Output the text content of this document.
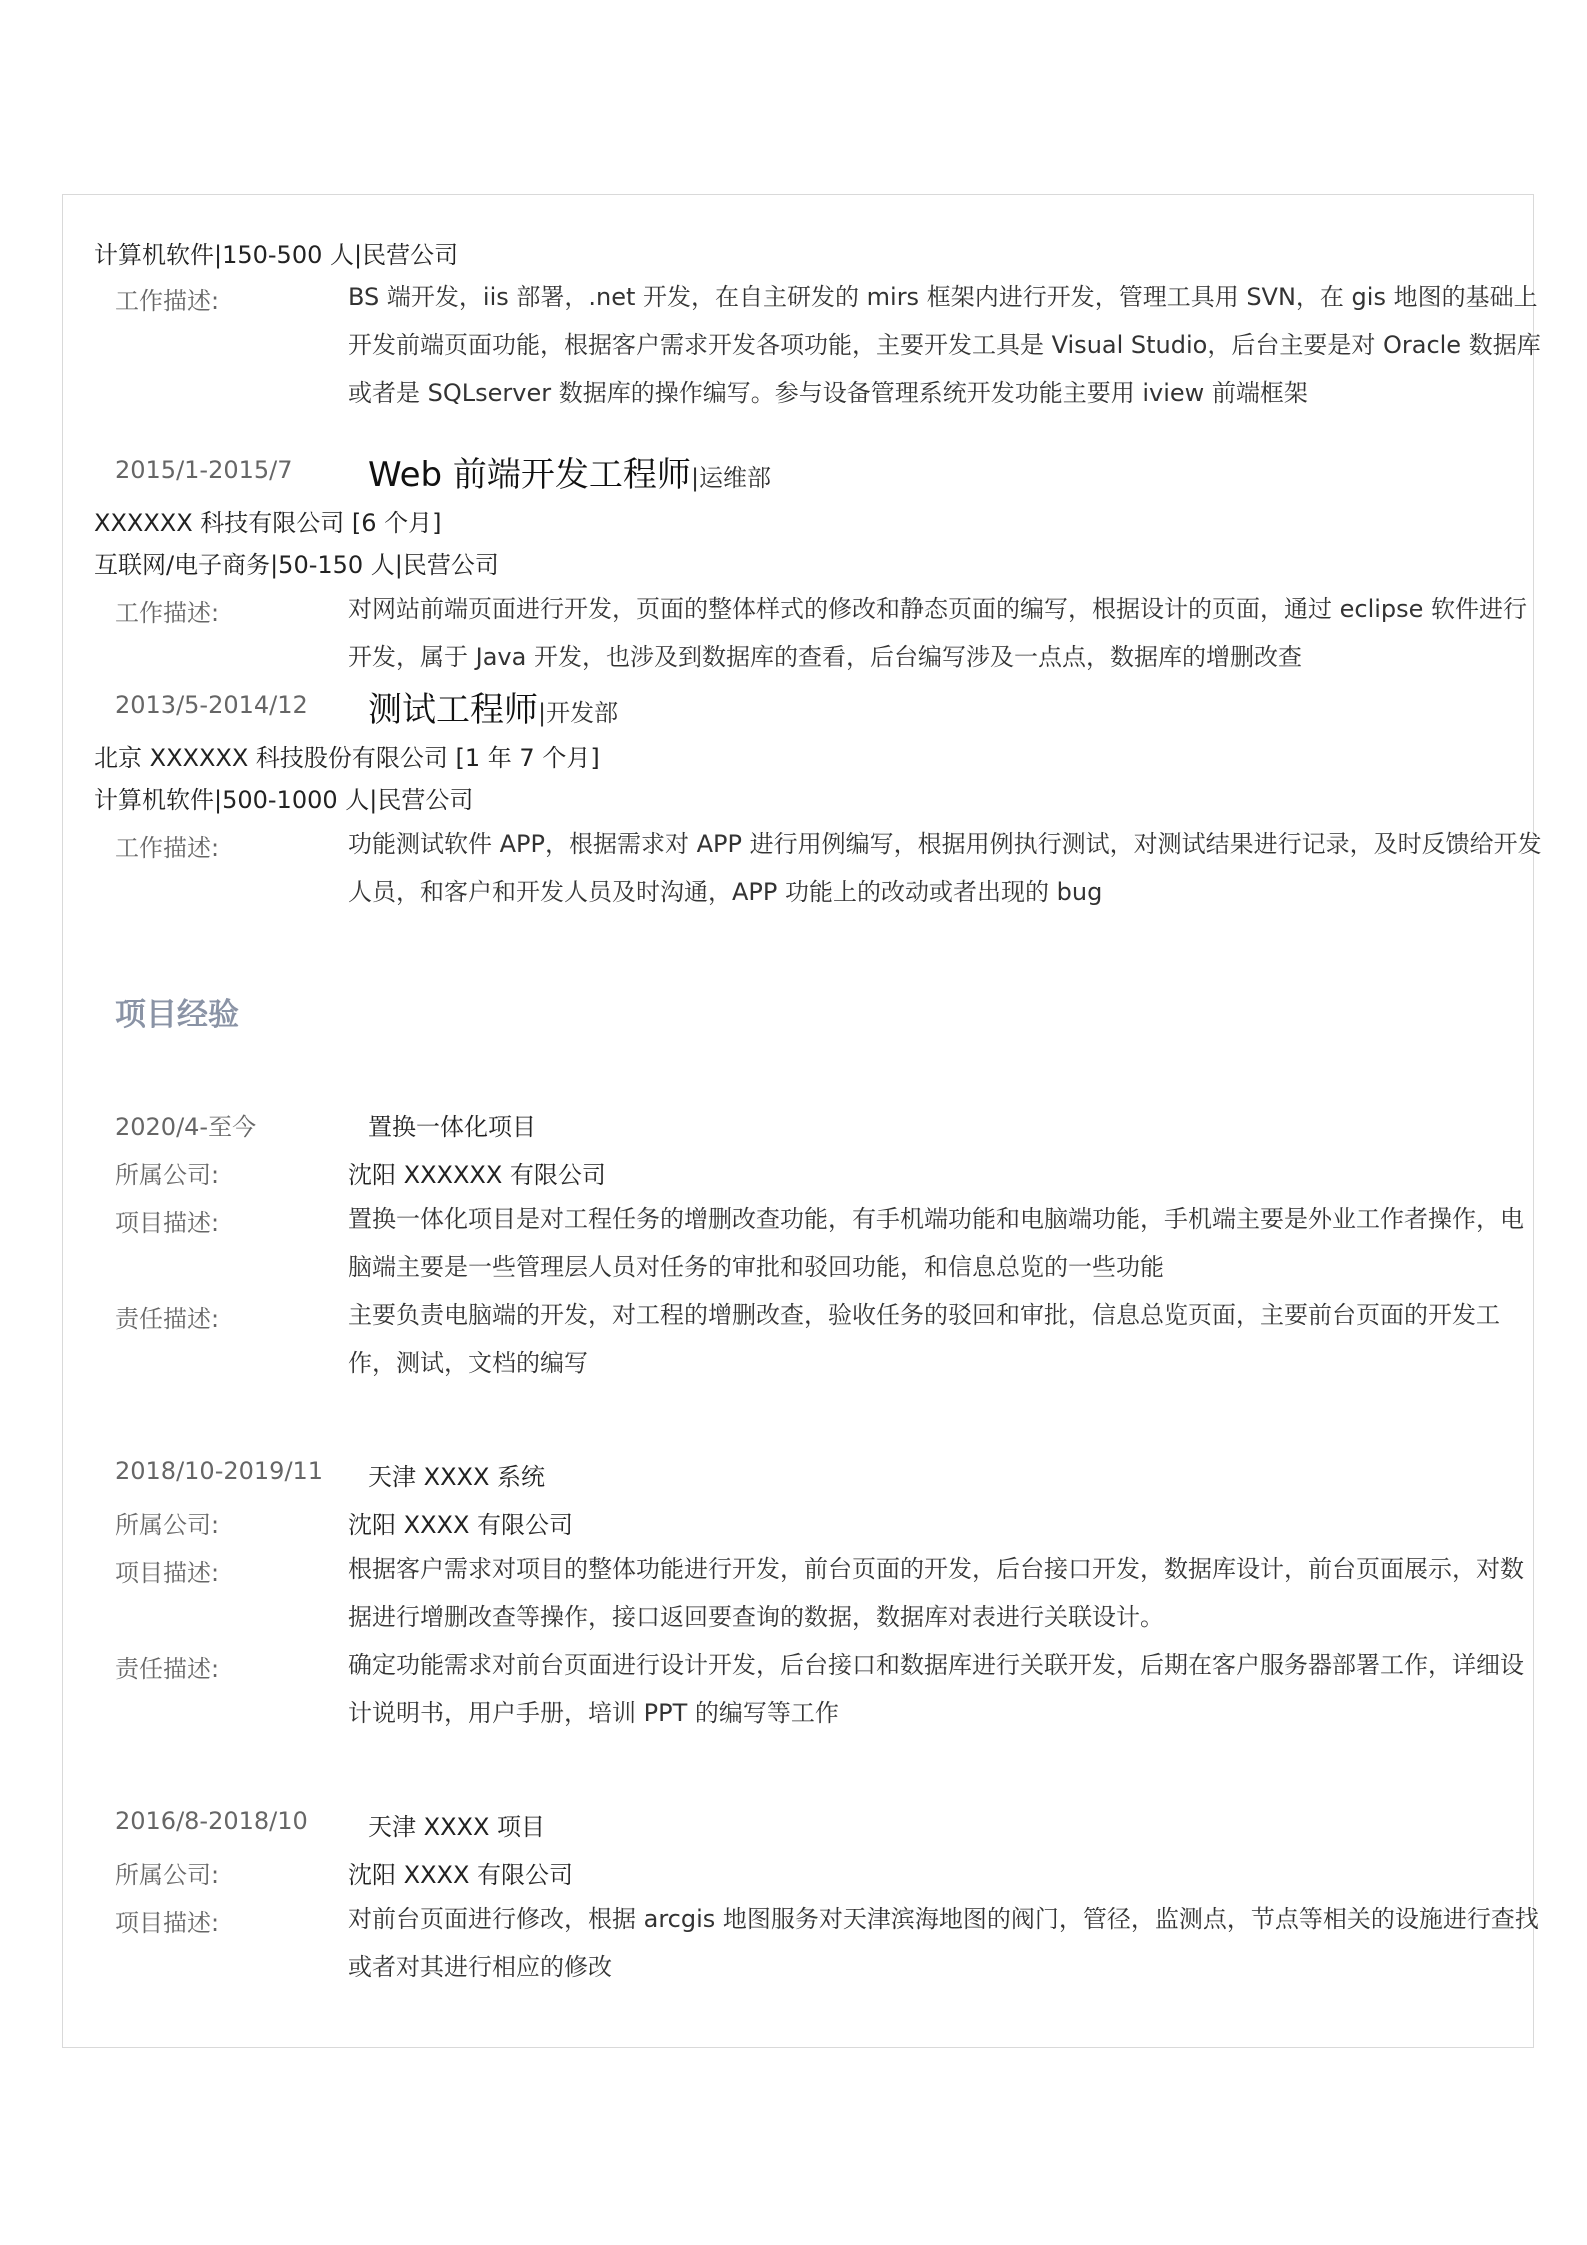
计算机软件|150-500 人|民营公司
工作描述:	BS 端开发，iis 部署，.net 开发，在自主研发的 mirs 框架内进行开发，管理工具用 SVN，在 gis 地图的基础上开发前端页面功能，根据客户需求开发各项功能，主要开发工具是 Visual Studio，后台主要是对 Oracle 数据库或者是 SQLserver 数据库的操作编写。参与设备管理系统开发功能主要用 iview 前端框架
2015/1-2015/7 Web 前端开发工程师|运维部
XXXXXX 科技有限公司 [6 个月]
互联网/电子商务|50-150 人|民营公司
工作描述:	对网站前端页面进行开发，页面的整体样式的修改和静态页面的编写，根据设计的页面，通过 eclipse 软件进行开发，属于 Java 开发，也涉及到数据库的查看，后台编写涉及一点点，数据库的增删改查
2013/5-2014/12 测试工程师|开发部
北京 XXXXXX 科技股份有限公司 [1 年 7 个月]
计算机软件|500-1000 人|民营公司
工作描述:	功能测试软件 APP，根据需求对 APP 进行用例编写，根据用例执行测试，对测试结果进行记录，及时反馈给开发人员，和客户和开发人员及时沟通，APP 功能上的改动或者出现的 bug
项目经验
2020/4-至今	置换一体化项目
所属公司:	沈阳 XXXXXX 有限公司
项目描述:	置换一体化项目是对工程任务的增删改查功能，有手机端功能和电脑端功能，手机端主要是外业工作者操作，电脑端主要是一些管理层人员对任务的审批和驳回功能，和信息总览的一些功能
责任描述:	主要负责电脑端的开发，对工程的增删改查，验收任务的驳回和审批，信息总览页面，主要前台页面的开发工作，测试，文档的编写
2018/10-2019/11 天津 XXXX 系统
所属公司:	沈阳 XXXX 有限公司
项目描述:	根据客户需求对项目的整体功能进行开发，前台页面的开发，后台接口开发，数据库设计，前台页面展示，对数据进行增删改查等操作，接口返回要查询的数据，数据库对表进行关联设计。
责任描述:	确定功能需求对前台页面进行设计开发，后台接口和数据库进行关联开发，后期在客户服务器部署工作，详细设计说明书，用户手册，培训 PPT 的编写等工作
2016/8-2018/10	天津 XXXX 项目
所属公司:	沈阳 XXXX 有限公司
项目描述:	对前台页面进行修改，根据 arcgis 地图服务对天津滨海地图的阀门，管径，监测点，节点等相关的设施进行查找或者对其进行相应的修改
